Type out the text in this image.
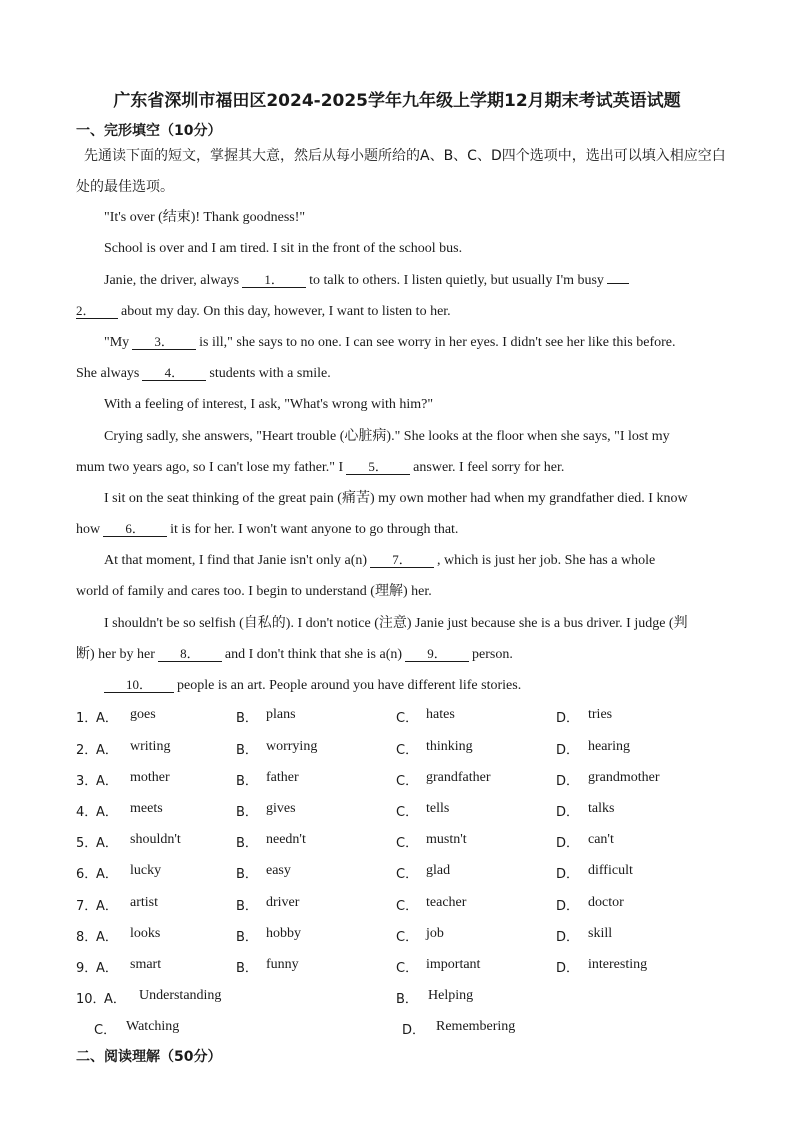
广东省深圳市福田区2024-2025学年九年级上学期12月期末考试英语试题
一、完形填空（10分）
先通读下面的短文，掌握其大意，然后从每小题所给的A、B、C、D四个选项中，选出可以填入相应空白处的最佳选项。
"It's over (结束)! Thank goodness!"
School is over and I am tired. I sit in the front of the school bus.
Janie, the driver, always 1． to talk to others. I listen quietly, but usually I'm busy
2． about my day. On this day, however, I want to listen to her.
"My 3． is ill," she says to no one. I can see worry in her eyes. I didn't see her like this before.
She always 4． students with a smile.
With a feeling of interest, I ask, "What's wrong with him?"
Crying sadly, she answers, "Heart trouble (心脏病)." She looks at the floor when she says, "I lost my
mum two years ago, so I can't lose my father." I 5． answer. I feel sorry for her.
I sit on the seat thinking of the great pain (痛苦) my own mother had when my grandfather died. I know
how 6． it is for her. I won't want anyone to go through that.
At that moment, I find that Janie isn't only a(n) 7． , which is just her job. She has a whole
world of family and cares too. I begin to understand (理解) her.
I shouldn't be so selfish (自私的). I don't notice (注意) Janie just because she is a bus driver. I judge (判
断) her by her 8． and I don't think that she is a(n) 9． person.
10． people is an art. People around you have different life stories.
1．
A． goes	B． plans	C． hates	D． tries
2．
A． writing	B． worrying	C． thinking	D． hearing
3．
A． mother	B． father	C． grandfather	D． grandmother
4．
A． meets	B． gives	C． tells	D． talks
5．
A． shouldn't	B． needn't	C． mustn't	D． can't
6．
A． lucky	B． easy	C． glad	D． difficult
7．
A． artist	B． driver	C． teacher	D． doctor
8．
A． looks	B． hobby	C． job	D． skill
9．
A． smart	B． funny	C． important	D． interesting
10．
A． Understanding	B． Helping
C． Watching	D． Remembering
二、阅读理解（50分）
